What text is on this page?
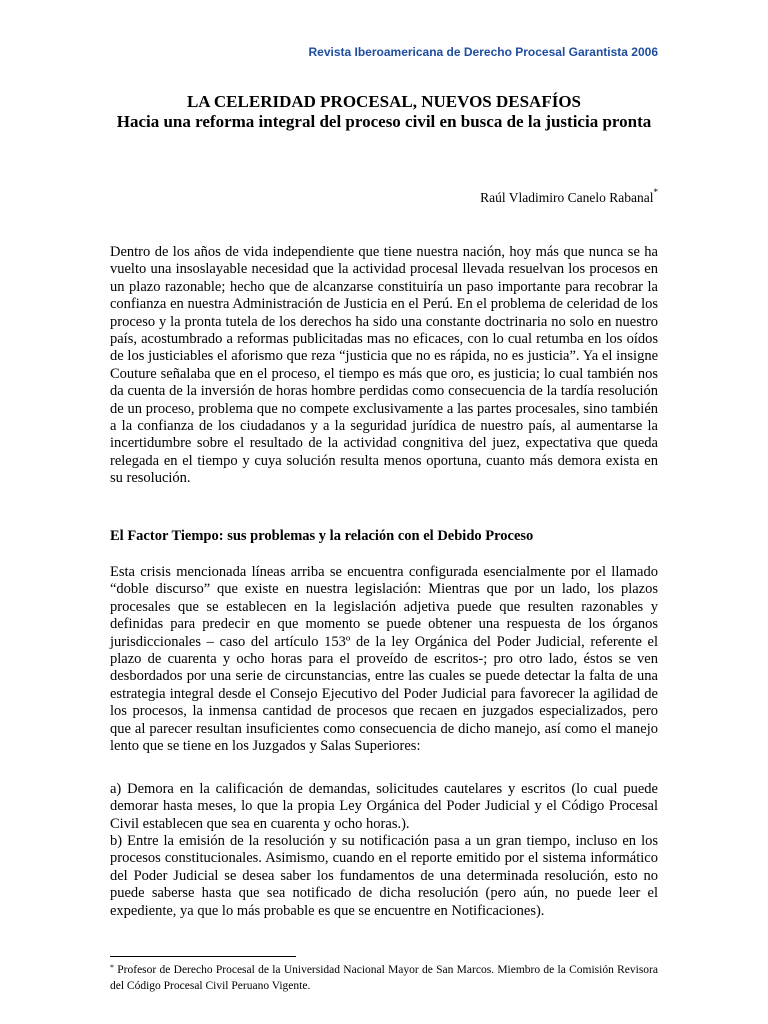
Revista Iberoamericana de Derecho Procesal Garantista 2006
LA CELERIDAD PROCESAL, NUEVOS DESAFÍOS
Hacia una reforma integral del proceso civil en busca de la justicia pronta
Raúl Vladimiro Canelo Rabanal*

Dentro de los años de vida independiente que tiene nuestra nación, hoy más que nunca se ha vuelto una insoslayable necesidad que la actividad procesal llevada resuelvan los procesos en un plazo razonable; hecho que de alcanzarse constituiría un paso importante para recobrar la confianza en nuestra Administración de Justicia en el Perú. En el problema de celeridad de los proceso y la pronta tutela de los derechos ha sido una constante doctrinaria no solo en nuestro país, acostumbrado a reformas publicitadas mas no eficaces, con lo cual retumba en los oídos de los justiciables el aforismo que reza “justicia que no es rápida, no es justicia”. Ya el insigne Couture señalaba que en el proceso, el tiempo es más que oro, es justicia; lo cual también nos da cuenta de la inversión de horas hombre perdidas como consecuencia de la tardía resolución de un proceso, problema que no compete exclusivamente a las partes procesales, sino también a la confianza de los ciudadanos y a la seguridad jurídica de nuestro país, al aumentarse la incertidumbre sobre el resultado de la actividad congnitiva del juez, expectativa que queda relegada en el tiempo y cuya solución resulta menos oportuna, cuanto más demora exista en su resolución.

El Factor Tiempo: sus problemas y la relación con el Debido Proceso

Esta crisis mencionada líneas arriba se encuentra configurada esencialmente por el llamado “doble discurso” que existe en nuestra legislación: Mientras que por un lado, los plazos procesales que se establecen en la legislación adjetiva puede que resulten razonables y definidas para predecir en que momento se puede obtener una respuesta de los órganos jurisdiccionales – caso del artículo 153º de la ley Orgánica del Poder Judicial, referente el plazo de cuarenta y ocho horas para el proveído de escritos-; pro otro lado, éstos se ven desbordados por una serie de circunstancias, entre las cuales se puede detectar la falta de una estrategia integral desde el Consejo Ejecutivo del Poder Judicial para favorecer la agilidad de los procesos, la inmensa cantidad de procesos que recaen en juzgados especializados, pero que al parecer resultan insuficientes como consecuencia de dicho manejo, así como el manejo lento que se tiene en los Juzgados y Salas Superiores:

a) Demora en la calificación de demandas, solicitudes cautelares y escritos (lo cual puede demorar hasta meses, lo que la propia Ley Orgánica del Poder Judicial y el Código Procesal Civil establecen que sea en cuarenta y ocho horas.).

b) Entre la emisión de la resolución y su notificación pasa a un gran tiempo, incluso en los procesos constitucionales. Asimismo, cuando en el reporte emitido por el sistema informático del Poder Judicial se desea saber los fundamentos de una determinada resolución, esto no puede saberse hasta que sea notificado de dicha resolución (pero aún, no puede leer el expediente, ya que lo más probable es que se encuentre en Notificaciones).

* Profesor de Derecho Procesal de la Universidad Nacional Mayor de San Marcos. Miembro de la Comisión Revisora del Código Procesal Civil Peruano Vigente.
